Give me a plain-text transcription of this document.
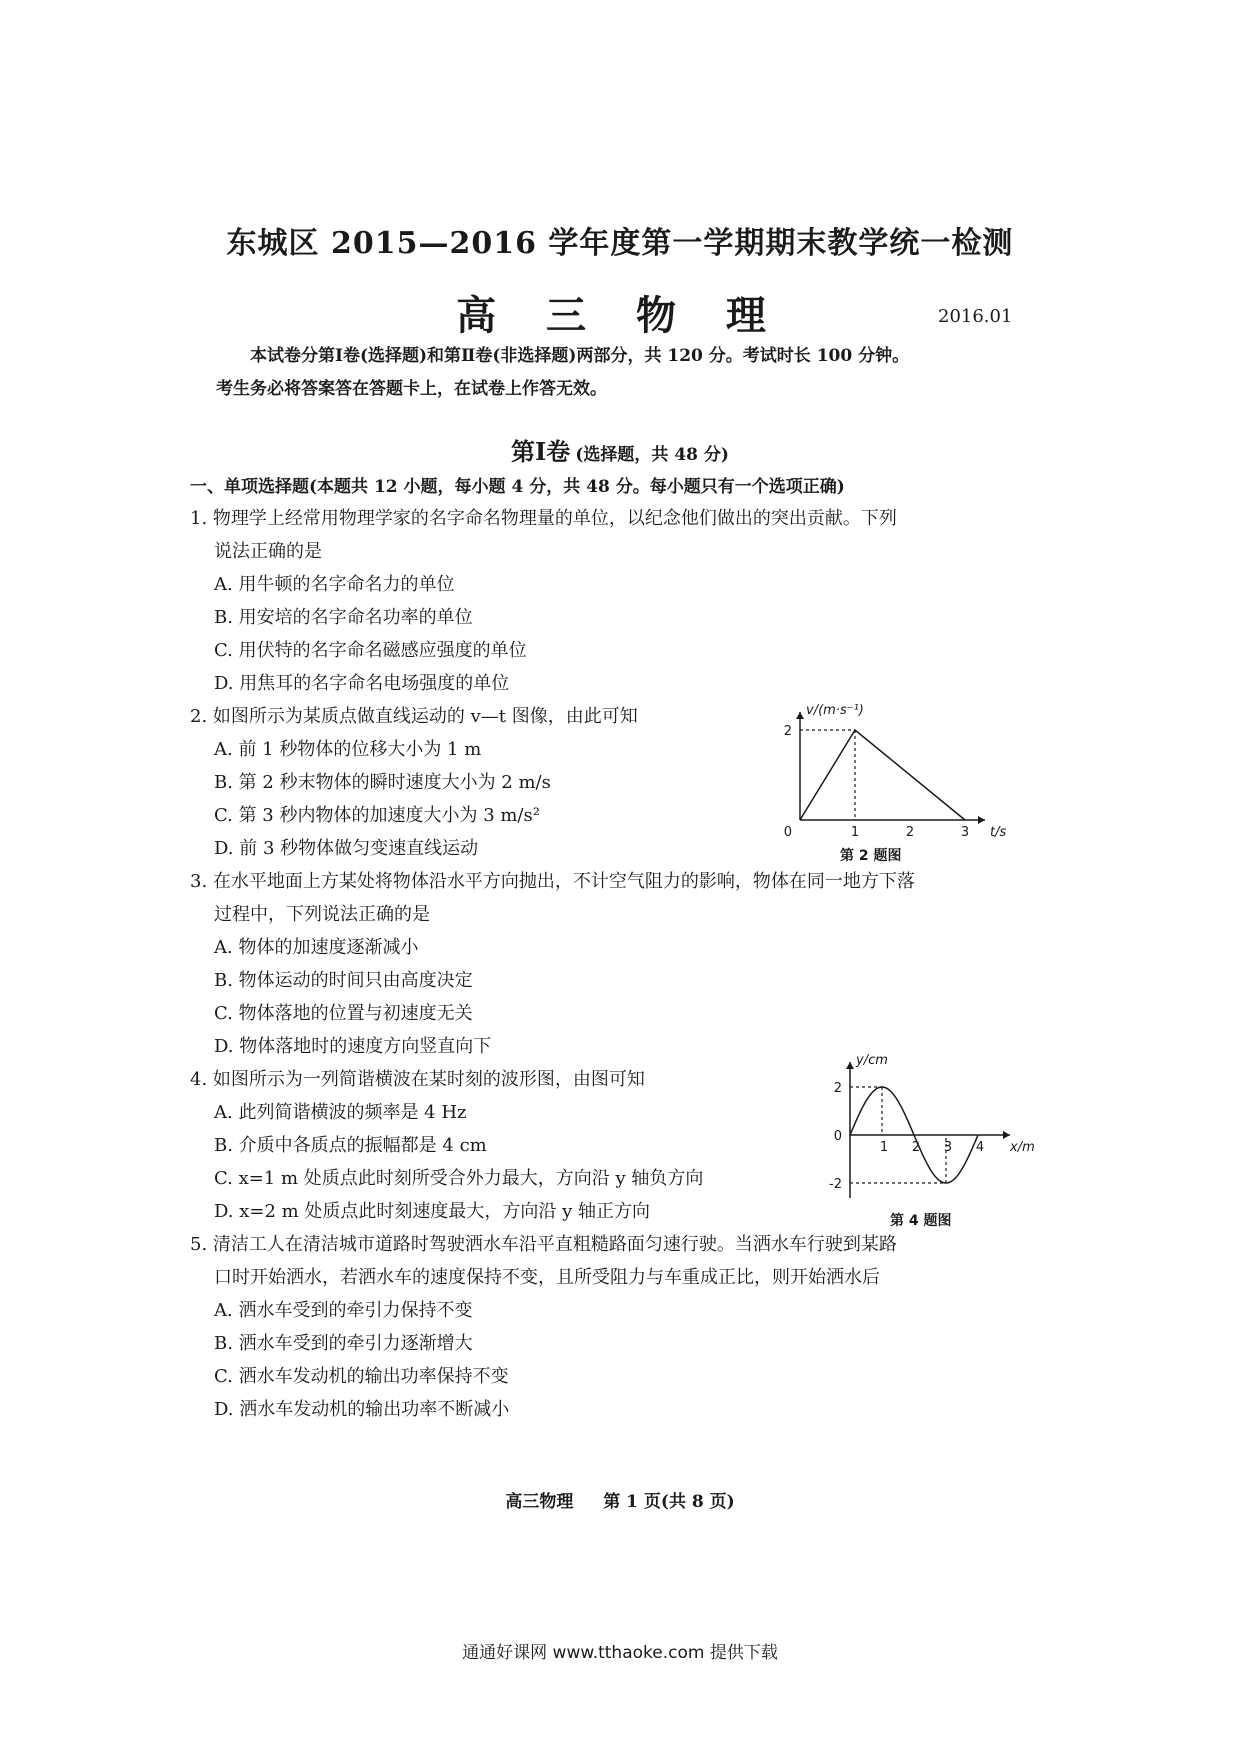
东城区 2015—2016 学年度第一学期期末教学统一检测
高 三 物 理	2016.01

本试卷分第Ⅰ卷(选择题)和第Ⅱ卷(非选择题)两部分，共 120 分。考试时长 100 分钟。

考生务必将答案答在答题卡上，在试卷上作答无效。

第Ⅰ卷 (选择题，共 48 分)
一、单项选择题(本题共 12 小题，每小题 4 分，共 48 分。每小题只有一个选项正确)

1. 物理学上经常用物理学家的名字命名物理量的单位，以纪念他们做出的突出贡献。下列

说法正确的是

A. 用牛顿的名字命名力的单位

B. 用安培的名字命名功率的单位

C. 用伏特的名字命名磁感应强度的单位

D. 用焦耳的名字命名电场强度的单位

2. 如图所示为某质点做直线运动的 v—t 图像，由此可知

A. 前 1 秒物体的位移大小为 1 m

B. 第 2 秒末物体的瞬时速度大小为 2 m/s

C. 第 3 秒内物体的加速度大小为 3 m/s²

D. 前 3 秒物体做匀变速直线运动

1	2	3
2
0
v/(m·s⁻¹)
t/s
第 2 题图

3. 在水平地面上方某处将物体沿水平方向抛出，不计空气阻力的影响，物体在同一地方下落

过程中，下列说法正确的是

A. 物体的加速度逐渐减小

B. 物体运动的时间只由高度决定

C. 物体落地的位置与初速度无关

D. 物体落地时的速度方向竖直向下

4. 如图所示为一列简谐横波在某时刻的波形图，由图可知

A. 此列简谐横波的频率是 4 Hz

B. 介质中各质点的振幅都是 4 cm

C. x=1 m 处质点此时刻所受合外力最大，方向沿 y 轴负方向

D. x=2 m 处质点此时刻速度最大，方向沿 y 轴正方向

1 2 3 4
2
-2
0
y/cm
x/m
第 4 题图

5. 清洁工人在清洁城市道路时驾驶洒水车沿平直粗糙路面匀速行驶。当洒水车行驶到某路

口时开始洒水，若洒水车的速度保持不变，且所受阻力与车重成正比，则开始洒水后

A. 洒水车受到的牵引力保持不变

B. 洒水车受到的牵引力逐渐增大

C. 洒水车发动机的输出功率保持不变

D. 洒水车发动机的输出功率不断减小

高三物理 第 1 页(共 8 页)
通通好课网 www.tthaoke.com 提供下载
